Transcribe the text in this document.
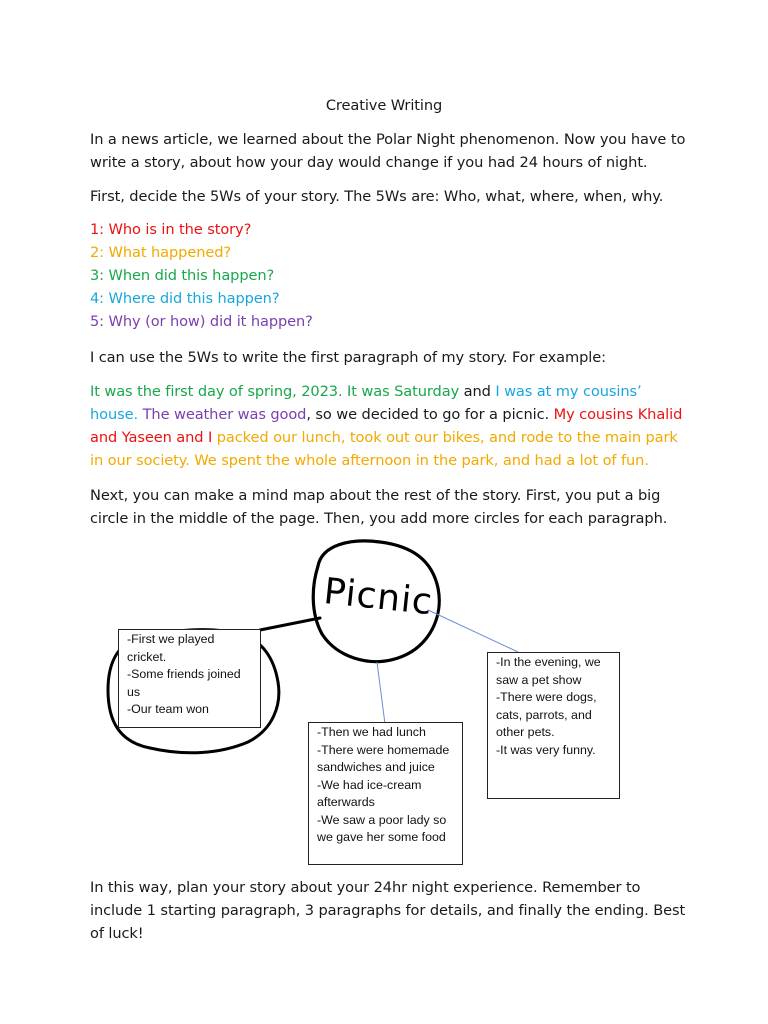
Creative Writing
In a news article, we learned about the Polar Night phenomenon. Now you have to write a story, about how your day would change if you had 24 hours of night.
First, decide the 5Ws of your story. The 5Ws are: Who, what, where, when, why.
1: Who is in the story?
2: What happened?
3: When did this happen?
4: Where did this happen?
5: Why (or how) did it happen?
I can use the 5Ws to write the first paragraph of my story. For example:
It was the first day of spring, 2023. It was Saturday and I was at my cousins’ house. The weather was good, so we decided to go for a picnic. My cousins Khalid and Yaseen and I packed our lunch, took out our bikes, and rode to the main park in our society. We spent the whole afternoon in the park, and had a lot of fun.
Next, you can make a mind map about the rest of the story. First, you put a big circle in the middle of the page. Then, you add more circles for each paragraph.
Picnic
-First we played
cricket.
-Some friends joined
us
-Our team won
-Then we had lunch
-There were homemade
sandwiches and juice
-We had ice-cream
afterwards
-We saw a poor lady so
we gave her some food
-In the evening, we
saw a pet show
-There were dogs,
cats, parrots, and
other pets.
-It was very funny.
In this way, plan your story about your 24hr night experience. Remember to include 1 starting paragraph, 3 paragraphs for details, and finally the ending. Best of luck!
